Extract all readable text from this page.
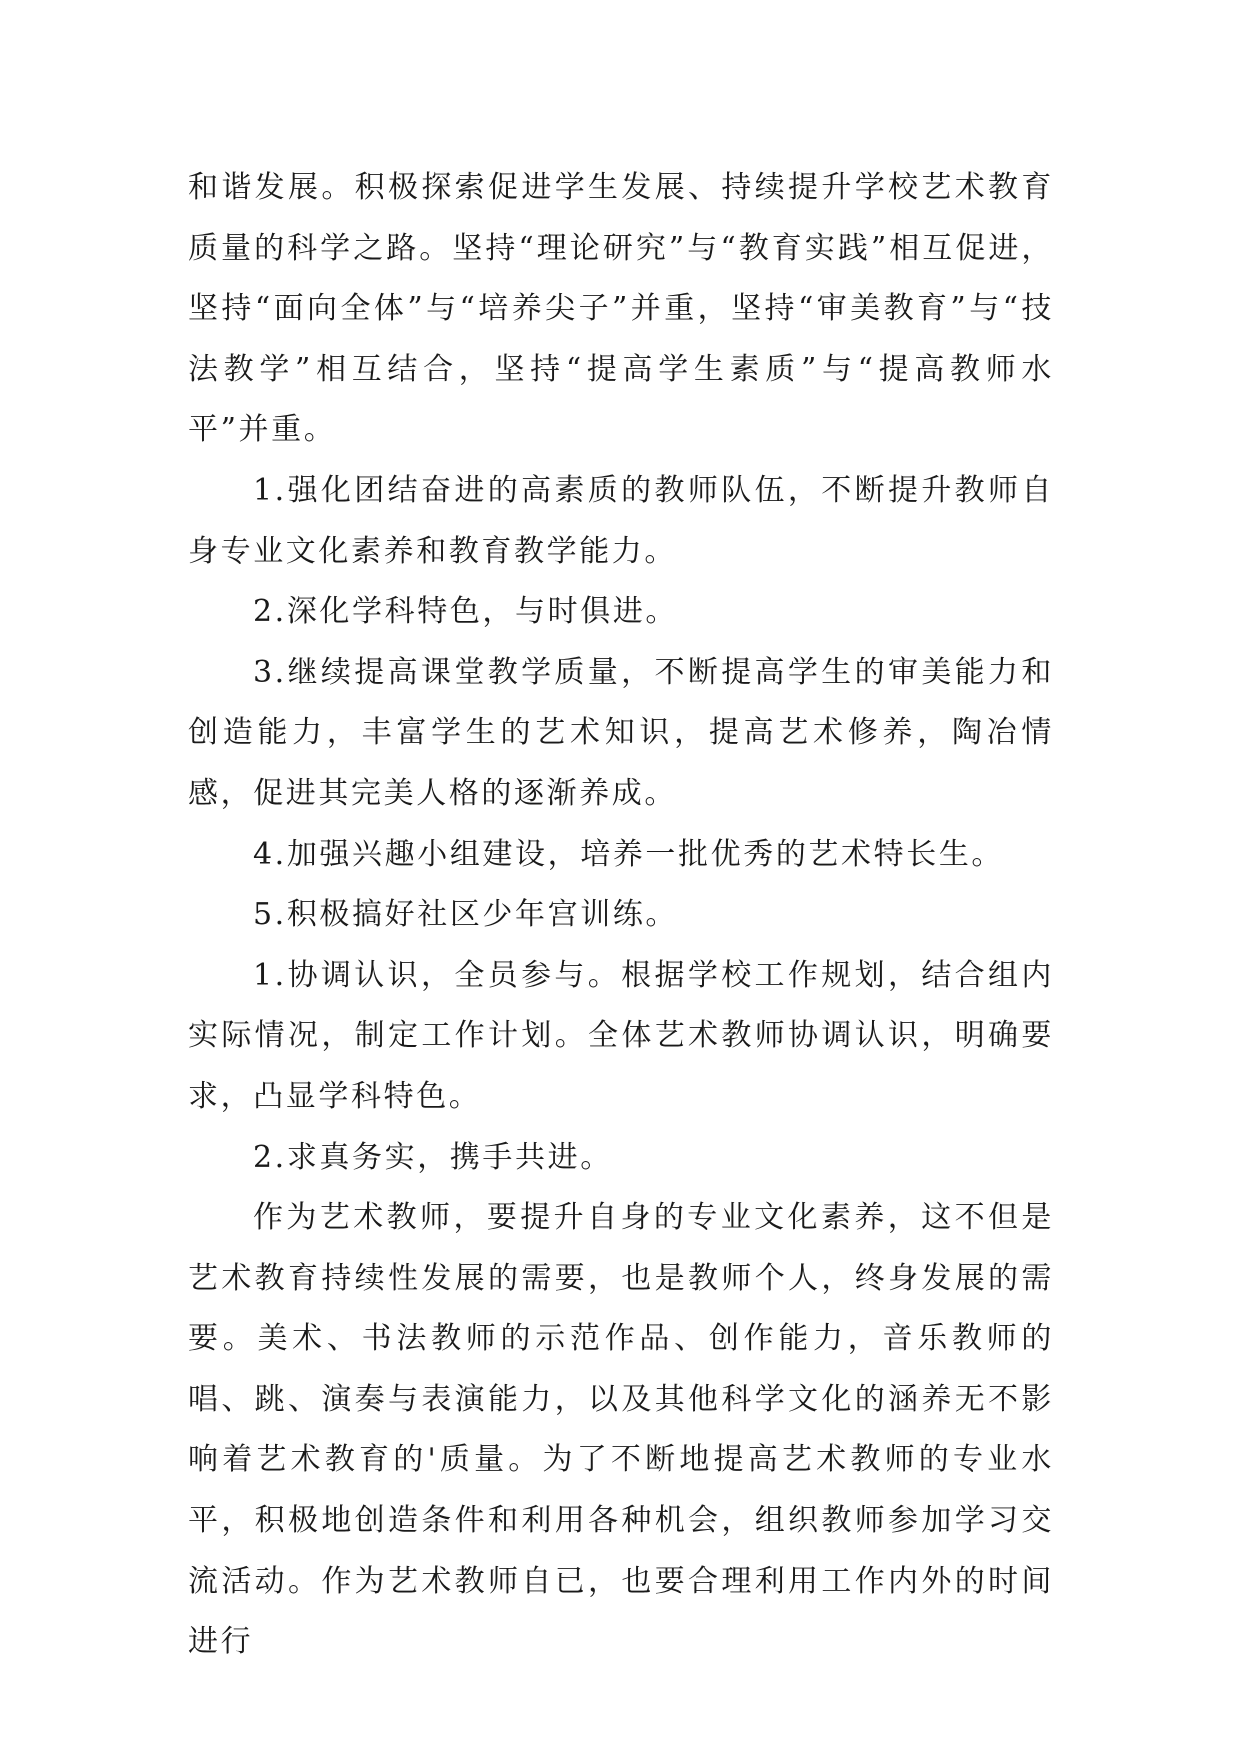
和谐发展。积极探索促进学生发展、持续提升学校艺术教育质量的科学之路。坚持“理论研究”与“教育实践”相互促进，坚持“面向全体”与“培养尖子”并重，坚持“审美教育”与“技法教学”相互结合，坚持“提高学生素质”与“提高教师水平”并重。

1.强化团结奋进的高素质的教师队伍，不断提升教师自身专业文化素养和教育教学能力。

2.深化学科特色，与时俱进。

3.继续提高课堂教学质量，不断提高学生的审美能力和创造能力，丰富学生的艺术知识，提高艺术修养，陶冶情感，促进其完美人格的逐渐养成。

4.加强兴趣小组建设，培养一批优秀的艺术特长生。

5.积极搞好社区少年宫训练。

1.协调认识，全员参与。根据学校工作规划，结合组内实际情况，制定工作计划。全体艺术教师协调认识，明确要求，凸显学科特色。

2.求真务实，携手共进。

作为艺术教师，要提升自身的专业文化素养，这不但是艺术教育持续性发展的需要，也是教师个人，终身发展的需要。美术、书法教师的示范作品、创作能力，音乐教师的唱、跳、演奏与表演能力，以及其他科学文化的涵养无不影响着艺术教育的'质量。为了不断地提高艺术教师的专业水平，积极地创造条件和利用各种机会，组织教师参加学习交流活动。作为艺术教师自已，也要合理利用工作内外的时间进行
